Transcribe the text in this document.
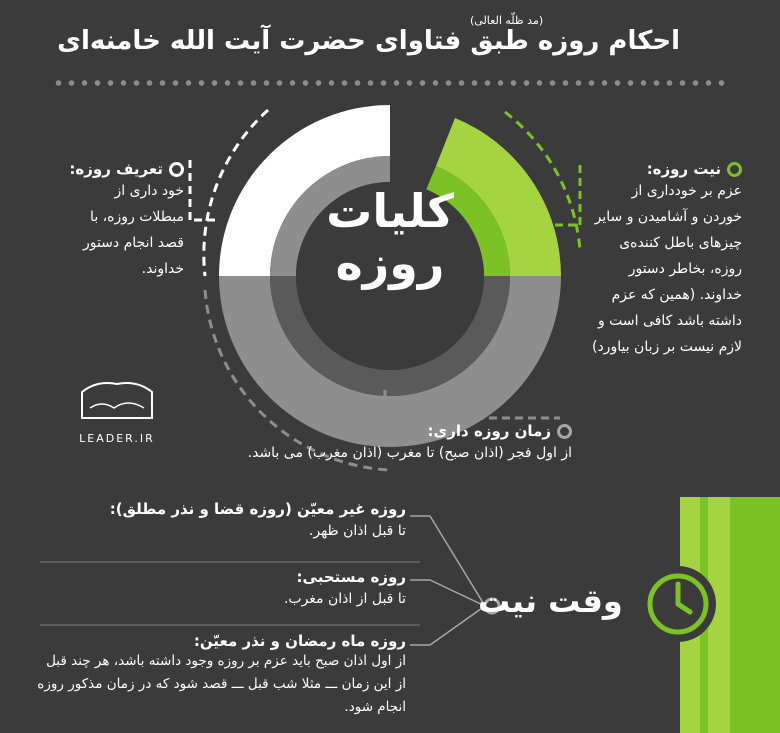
(مد ظلّه العالی)
احکام روزه طبق فتاوای حضرت آیت الله خامنه‌ای
کلیات
روزه
تعریف روزه:
خود داری از مبطلات روزه، با قصد انجام دستور خداوند.
نیت روزه:
عزم بر خودداری از خوردن و آشامیدن و سایر چیزهای باطل کننده‌ی روزه، بخاطر دستور خداوند. (همین که عزم داشته باشد کافی است و لازم نیست بر زبان بیاورد)
LEADER.IR	زمان روزه داری:
از اول فجر (اذان صبح) تا مغرب (اذان مغرب) می باشد.
وقت نیت
روزه غیر معیّن (روزه قضا و نذر مطلق):
تا قبل اذان ظهر.
روزه مستحبی:
تا قبل از اذان مغرب.
روزه ماه رمضان و نذر معیّن:
از اول اذان صبح باید عزم بر روزه وجود داشته باشد، هر چند قبل از این زمان ـــ مثلا شب قبل ـــ قصد شود که در زمان مذکور روزه انجام شود.
